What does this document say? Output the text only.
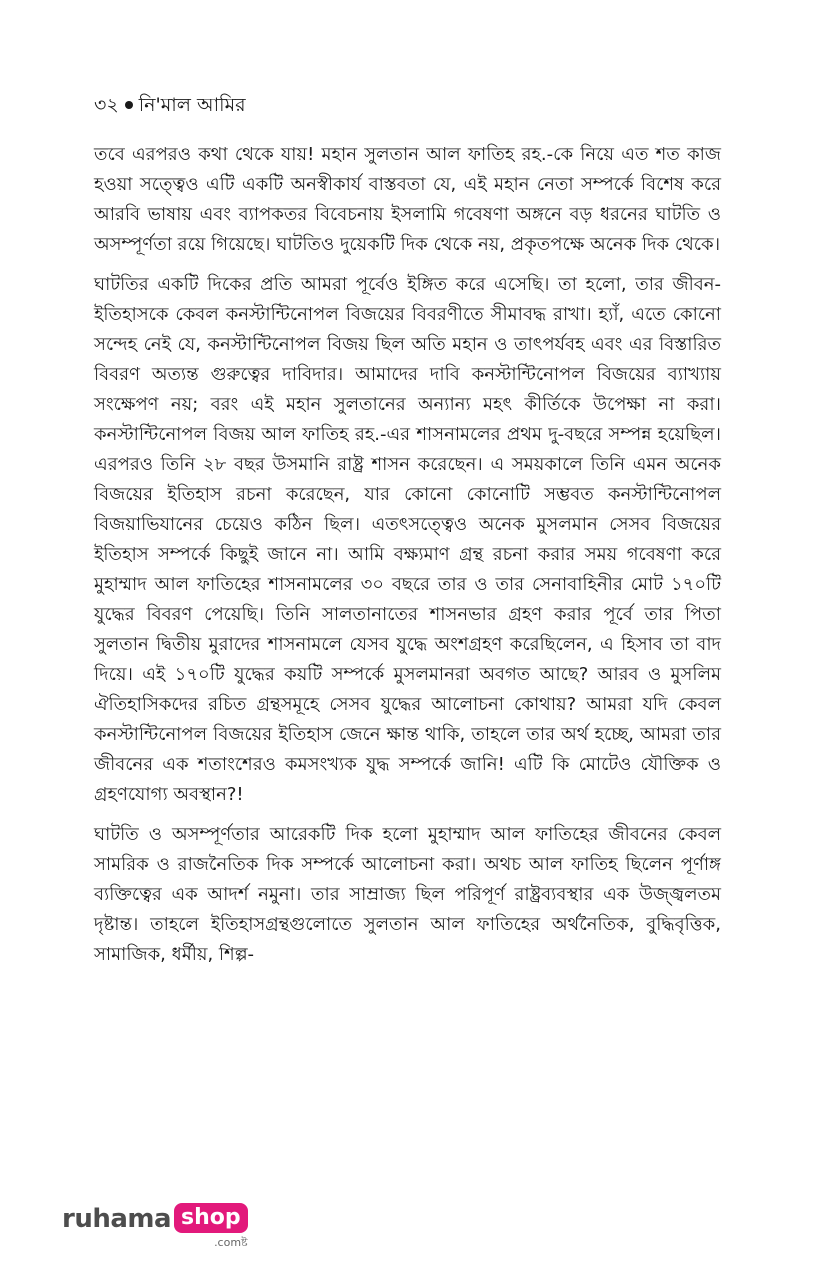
৩২ নি'মাল আমির

তবে এরপরও কথা থেকে যায়! মহান সুলতান আল ফাতিহ রহ.-কে নিয়ে এত শত কাজ হওয়া সত্ত্বেও এটি একটি অনস্বীকার্য বাস্তবতা যে, এই মহান নেতা সম্পর্কে বিশেষ করে আরবি ভাষায় এবং ব্যাপকতর বিবেচনায় ইসলামি গবেষণা অঙ্গনে বড় ধরনের ঘাটতি ও অসম্পূর্ণতা রয়ে গিয়েছে। ঘাটতিও দুয়েকটি দিক থেকে নয়, প্রকৃতপক্ষে অনেক দিক থেকে।

ঘাটতির একটি দিকের প্রতি আমরা পূর্বেও ইঙ্গিত করে এসেছি। তা হলো, তার জীবন-ইতিহাসকে কেবল কনস্টান্টিনোপল বিজয়ের বিবরণীতে সীমাবদ্ধ রাখা। হ্যাঁ, এতে কোনো সন্দেহ নেই যে, কনস্টান্টিনোপল বিজয় ছিল অতি মহান ও তাৎপর্যবহ এবং এর বিস্তারিত বিবরণ অত্যন্ত গুরুত্বের দাবিদার। আমাদের দাবি কনস্টান্টিনোপল বিজয়ের ব্যাখ্যায় সংক্ষেপণ নয়; বরং এই মহান সুলতানের অন্যান্য মহৎ কীর্তিকে উপেক্ষা না করা। কনস্টান্টিনোপল বিজয় আল ফাতিহ রহ.-এর শাসনামলের প্রথম দু-বছরে সম্পন্ন হয়েছিল। এরপরও তিনি ২৮ বছর উসমানি রাষ্ট্র শাসন করেছেন। এ সময়কালে তিনি এমন অনেক বিজয়ের ইতিহাস রচনা করেছেন, যার কোনো কোনোটি সম্ভবত কনস্টান্টিনোপল বিজয়াভিযানের চেয়েও কঠিন ছিল। এতৎসত্ত্বেও অনেক মুসলমান সেসব বিজয়ের ইতিহাস সম্পর্কে কিছুই জানে না। আমি বক্ষ্যমাণ গ্রন্থ রচনা করার সময় গবেষণা করে মুহাম্মাদ আল ফাতিহের শাসনামলের ৩০ বছরে তার ও তার সেনাবাহিনীর মোট ১৭০টি যুদ্ধের বিবরণ পেয়েছি। তিনি সালতানাতের শাসনভার গ্রহণ করার পূর্বে তার পিতা সুলতান দ্বিতীয় মুরাদের শাসনামলে যেসব যুদ্ধে অংশগ্রহণ করেছিলেন, এ হিসাব তা বাদ দিয়ে। এই ১৭০টি যুদ্ধের কয়টি সম্পর্কে মুসলমানরা অবগত আছে? আরব ও মুসলিম ঐতিহাসিকদের রচিত গ্রন্থসমূহে সেসব যুদ্ধের আলোচনা কোথায়? আমরা যদি কেবল কনস্টান্টিনোপল বিজয়ের ইতিহাস জেনে ক্ষান্ত থাকি, তাহলে তার অর্থ হচ্ছে, আমরা তার জীবনের এক শতাংশেরও কমসংখ্যক যুদ্ধ সম্পর্কে জানি! এটি কি মোটেও যৌক্তিক ও গ্রহণযোগ্য অবস্থান?!

ঘাটতি ও অসম্পূর্ণতার আরেকটি দিক হলো মুহাম্মাদ আল ফাতিহের জীবনের কেবল সামরিক ও রাজনৈতিক দিক সম্পর্কে আলোচনা করা। অথচ আল ফাতিহ ছিলেন পূর্ণাঙ্গ ব্যক্তিত্বের এক আদর্শ নমুনা। তার সাম্রাজ্য ছিল পরিপূর্ণ রাষ্ট্রব্যবস্থার এক উজ্জ্বলতম দৃষ্টান্ত। তাহলে ইতিহাসগ্রন্থগুলোতে সুলতান আল ফাতিহের অর্থনৈতিক, বুদ্ধিবৃত্তিক, সামাজিক, ধর্মীয়, শিল্প-

ruhama shop
.comষ্ট
